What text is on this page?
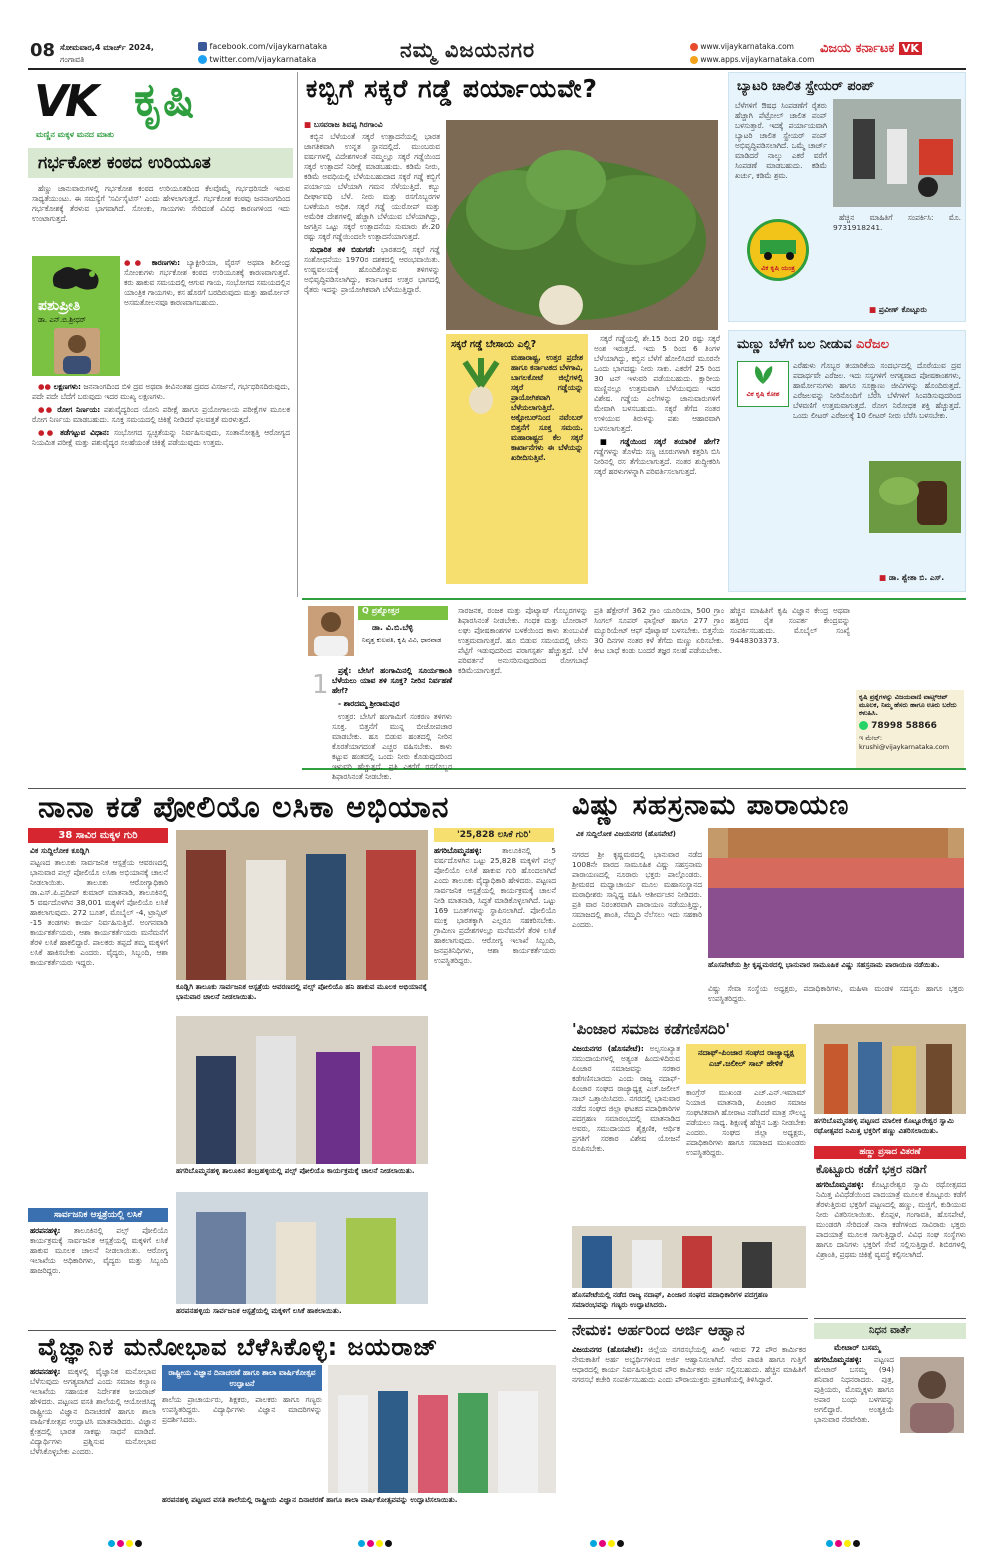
08 ಸೋಮವಾರ,4 ಮಾರ್ಚ್ 2024,
ಗಂಗಾವತಿ
facebook.com/vijaykarnataka
twitter.com/vijaykarnataka	ನಮ್ಮ ವಿಜಯನಗರ	www.vijaykarnataka.com
www.apps.vijaykarnataka.com
ವಿಜಯ ಕರ್ನಾಟಕ VK
VK ಕೃಷಿ
ಮಣ್ಣಿನ ಮಕ್ಕಳ ಮನದ ಮಾತು
ಗರ್ಭಕೋಶ ಕಂಠದ ಉರಿಯೂತ

ಹೆಣ್ಣು ಜಾನುವಾರುಗಳಲ್ಲಿ ಗರ್ಭಕೋಶ ಕಂಠದ ಉರಿಯೂತದಿಂದ ಕೆಲವೊಮ್ಮೆ ಗರ್ಭಧರಿಸದೇ ಇರುವ ಸಾಧ್ಯತೆಯುಂಟು. ಈ ಸಮಸ್ಯೆಗೆ 'ಸರ್ವಿಸೈಟಿಸ್' ಎಂದು ಹೇಳಲಾಗುತ್ತದೆ. ಗರ್ಭಕೋಶ ಕಂಠವು ಜನನಾಂಗದಿಂದ ಗರ್ಭಕೋಶಕ್ಕೆ ತೆರಳುವ ಭಾಗವಾಗಿದೆ. ಸೋಂಕು, ಗಾಯಗಳು ಸೇರಿದಂತೆ ವಿವಿಧ ಕಾರಣಗಳಿಂದ ಇದು ಉಂಟಾಗುತ್ತದೆ.

ಪಶುಪ್ರೀತಿ
ಡಾ. ಎನ್.ಬಿ.ಶ್ರೀಧರ್
●● ಕಾರಣಗಳು: ಬ್ಯಾಕ್ಟೀರಿಯಾ, ವೈರಸ್ ಅಥವಾ ಶಿಲೀಂಧ್ರ ಸೋಂಕುಗಳು ಗರ್ಭಕೋಶ ಕಂಠದ ಉರಿಯೂತಕ್ಕೆ ಕಾರಣವಾಗುತ್ತವೆ. ಕರು ಹಾಕುವ ಸಮಯದಲ್ಲಿ ಆಗುವ ಗಾಯ, ಸಂಭೋಗದ ಸಮಯದಲ್ಲಿನ ಯಾಂತ್ರಿಕ ಗಾಯಗಳು, ಕಸ ಹೊರಗೆ ಬರದಿರುವುದು ಮತ್ತು ಹಾರ್ಮೋನ್ ಅಸಮತೋಲನವೂ ಕಾರಣವಾಗಬಹುದು.

●● ಲಕ್ಷಣಗಳು: ಜನನಾಂಗದಿಂದ ಬಿಳಿ ದ್ರವ ಅಥವಾ ಕೀವಿನಂತಹ ದ್ರವದ ವಿಸರ್ಜನೆ, ಗರ್ಭಧರಿಸದಿರುವುದು, ಪದೇ ಪದೇ ಬೆದೆಗೆ ಬರುವುದು ಇದರ ಮುಖ್ಯ ಲಕ್ಷಣಗಳು.

●● ರೋಗ ನಿರ್ಣಯ: ಪಶುವೈದ್ಯರಿಂದ ಯೋನಿ ಪರೀಕ್ಷೆ ಹಾಗೂ ಪ್ರಯೋಗಾಲಯ ಪರೀಕ್ಷೆಗಳ ಮೂಲಕ ರೋಗ ನಿರ್ಣಯ ಮಾಡಬಹುದು. ಸೂಕ್ತ ಸಮಯದಲ್ಲಿ ಚಿಕಿತ್ಸೆ ನೀಡಿದರೆ ಫಲವತ್ತತೆ ಮರಳುತ್ತದೆ.

●● ತಡೆಗಟ್ಟುವ ವಿಧಾನ: ಸಂಭೋಗದ ಸ್ವಚ್ಛತೆಯನ್ನು ನಿರ್ವಹಿಸುವುದು, ಸಂತಾನೋತ್ಪತ್ತಿ ಆರೋಗ್ಯದ ನಿಯಮಿತ ಪರೀಕ್ಷೆ ಮತ್ತು ಪಶುವೈದ್ಯರ ಸಲಹೆಯಂತೆ ಚಿಕಿತ್ಸೆ ಪಡೆಯುವುದು ಉತ್ತಮ.

ಕಬ್ಬಿಗೆ ಸಕ್ಕರೆ ಗಡ್ಡೆ ಪರ್ಯಾಯವೇ?
■ ಬಸವರಾಜ ಶಿವಪ್ಪ ಗಿರಗಾಂವಿ

ಕಬ್ಬಿನ ಬೆಳೆಯಂತೆ ಸಕ್ಕರೆ ಉತ್ಪಾದನೆಯಲ್ಲಿ ಭಾರತ ಜಾಗತಿಕವಾಗಿ ಉನ್ನತ ಸ್ಥಾನದಲ್ಲಿದೆ. ಮುಂಬರುವ ವರ್ಷಗಳಲ್ಲಿ ವಿದೇಶಗಳಂತೆ ನಮ್ಮಲ್ಲೂ ಸಕ್ಕರೆ ಗಡ್ಡೆಯಿಂದ ಸಕ್ಕರೆ ಉತ್ಪಾದನೆ ನಿರೀಕ್ಷೆ ಮಾಡಬಹುದು. ಕಡಿಮೆ ನೀರು, ಕಡಿಮೆ ಅವಧಿಯಲ್ಲಿ ಬೆಳೆಯಬಹುದಾದ ಸಕ್ಕರೆ ಗಡ್ಡೆ ಕಬ್ಬಿಗೆ ಪರ್ಯಾಯ ಬೆಳೆಯಾಗಿ ಗಮನ ಸೆಳೆಯುತ್ತಿದೆ. ಕಬ್ಬು ದೀರ್ಘಾವಧಿ ಬೆಳೆ. ನೀರು ಮತ್ತು ರಸಗೊಬ್ಬರಗಳ ಬಳಕೆಯೂ ಅಧಿಕ. ಸಕ್ಕರೆ ಗಡ್ಡೆ ಯುರೋಪ್ ಮತ್ತು ಅಮೆರಿಕ ದೇಶಗಳಲ್ಲಿ ಹೆಚ್ಚಾಗಿ ಬೆಳೆಯುವ ಬೆಳೆಯಾಗಿದ್ದು, ಜಗತ್ತಿನ ಒಟ್ಟು ಸಕ್ಕರೆ ಉತ್ಪಾದನೆಯ ಸುಮಾರು ಶೇ.20 ರಷ್ಟು ಸಕ್ಕರೆ ಗಡ್ಡೆಯಿಂದಲೇ ಉತ್ಪಾದನೆಯಾಗುತ್ತದೆ.

ಸುಧಾರಿತ ತಳಿ ಬಿಡುಗಡೆ: ಭಾರತದಲ್ಲಿ ಸಕ್ಕರೆ ಗಡ್ಡೆ ಸಂಶೋಧನೆಯು 1970ರ ದಶಕದಲ್ಲಿ ಆರಂಭವಾಯಿತು. ಉಷ್ಣವಲಯಕ್ಕೆ ಹೊಂದಿಕೊಳ್ಳುವ ತಳಿಗಳನ್ನು ಅಭಿವೃದ್ಧಿಪಡಿಸಲಾಗಿದ್ದು, ಕರ್ನಾಟಕದ ಉತ್ತರ ಭಾಗದಲ್ಲಿ ರೈತರು ಇದನ್ನು ಪ್ರಾಯೋಗಿಕವಾಗಿ ಬೆಳೆಯುತ್ತಿದ್ದಾರೆ.

ಸಕ್ಕರೆ ಗಡ್ಡೆ ಬೇಸಾಯ ಎಲ್ಲಿ?
ಮಹಾರಾಷ್ಟ್ರ, ಉತ್ತರ ಪ್ರದೇಶ ಹಾಗೂ ಕರ್ನಾಟಕದ ಬೆಳಗಾವಿ, ಬಾಗಲಕೋಟೆ ಜಿಲ್ಲೆಗಳಲ್ಲಿ ಸಕ್ಕರೆ ಗಡ್ಡೆಯನ್ನು ಪ್ರಾಯೋಗಿಕವಾಗಿ ಬೆಳೆಯಲಾಗುತ್ತಿದೆ. ಅಕ್ಟೋಬರ್‌ನಿಂದ ನವೆಂಬರ್ ಬಿತ್ತನೆಗೆ ಸೂಕ್ತ ಸಮಯ. ಮಹಾರಾಷ್ಟ್ರದ ಕೆಲ ಸಕ್ಕರೆ ಕಾರ್ಖಾನೆಗಳು ಈ ಬೆಳೆಯನ್ನು ಖರೀದಿಸುತ್ತಿವೆ.

ಸಕ್ಕರೆ ಗಡ್ಡೆಯಲ್ಲಿ ಶೇ.15 ರಿಂದ 20 ರಷ್ಟು ಸಕ್ಕರೆ ಅಂಶ ಇರುತ್ತದೆ. ಇದು 5 ರಿಂದ 6 ತಿಂಗಳ ಬೆಳೆಯಾಗಿದ್ದು, ಕಬ್ಬಿನ ಬೆಳೆಗೆ ಹೋಲಿಸಿದರೆ ಮೂರನೇ ಒಂದು ಭಾಗದಷ್ಟು ನೀರು ಸಾಕು. ಎಕರೆಗೆ 25 ರಿಂದ 30 ಟನ್ ಇಳುವರಿ ಪಡೆಯಬಹುದು. ಕ್ಷಾರೀಯ ಮಣ್ಣಿನಲ್ಲೂ ಉತ್ತಮವಾಗಿ ಬೆಳೆಯುವುದು ಇದರ ವಿಶೇಷ. ಗಡ್ಡೆಯ ಎಲೆಗಳನ್ನು ಜಾನುವಾರುಗಳಿಗೆ ಮೇವಾಗಿ ಬಳಸಬಹುದು. ಸಕ್ಕರೆ ತೆಗೆದ ನಂತರ ಉಳಿಯುವ ತಿರುಳನ್ನು ಪಶು ಆಹಾರವಾಗಿ ಬಳಸಲಾಗುತ್ತದೆ.

■ ಗಡ್ಡೆಯಿಂದ ಸಕ್ಕರೆ ತಯಾರಿಕೆ ಹೇಗೆ? ಗಡ್ಡೆಗಳನ್ನು ತೊಳೆದು ಸಣ್ಣ ಚೂರುಗಳಾಗಿ ಕತ್ತರಿಸಿ ಬಿಸಿ ನೀರಿನಲ್ಲಿ ರಸ ತೆಗೆಯಲಾಗುತ್ತದೆ. ನಂತರ ಶುದ್ಧೀಕರಿಸಿ ಸಕ್ಕರೆ ಹರಳುಗಳನ್ನಾಗಿ ಪರಿವರ್ತಿಸಲಾಗುತ್ತದೆ.

ಬ್ಯಾಟರಿ ಚಾಲಿತ ಸ್ಪ್ರೇಯರ್ ಪಂಪ್
ಬೆಳೆಗಳಿಗೆ ಔಷಧ ಸಿಂಪಡಣೆಗೆ ರೈತರು ಹೆಚ್ಚಾಗಿ ಪೆಟ್ರೋಲ್ ಚಾಲಿತ ಪಂಪ್ ಬಳಸುತ್ತಾರೆ. ಇದಕ್ಕೆ ಪರ್ಯಾಯವಾಗಿ ಬ್ಯಾಟರಿ ಚಾಲಿತ ಸ್ಪ್ರೇಯರ್ ಪಂಪ್ ಅಭಿವೃದ್ಧಿಪಡಿಸಲಾಗಿದೆ. ಒಮ್ಮೆ ಚಾರ್ಜ್ ಮಾಡಿದರೆ ನಾಲ್ಕು ಎಕರೆ ವರೆಗೆ ಸಿಂಪಡಣೆ ಮಾಡಬಹುದು. ಕಡಿಮೆ ಖರ್ಚು, ಕಡಿಮೆ ಶ್ರಮ.
ವಿಕ ಕೃಷಿ ಯಂತ್ರ

ಹೆಚ್ಚಿನ ಮಾಹಿತಿಗೆ ಸಂಪರ್ಕಿಸಿ: ಮೊ. 9731918241.

■ ಪ್ರವೀಣ್ ಕೊಟ್ಟೂರು
ಮಣ್ಣು ಬೆಳೆಗೆ ಬಲ ನೀಡುವ ಎರೆಜಲ
ವಿಕ ಕೃಷಿ ಕೋಶ
ಎರೆಹುಳು ಗೊಬ್ಬರ ತಯಾರಿಕೆಯ ಸಂದರ್ಭದಲ್ಲಿ ದೊರೆಯುವ ದ್ರವ ಪದಾರ್ಥವೇ ಎರೆಜಲ. ಇದು ಸಸ್ಯಗಳಿಗೆ ಅಗತ್ಯವಾದ ಪೋಷಕಾಂಶಗಳು, ಹಾರ್ಮೋನುಗಳು ಹಾಗೂ ಸೂಕ್ಷ್ಮಾಣು ಜೀವಿಗಳನ್ನು ಹೊಂದಿರುತ್ತದೆ. ಎರೆಜಲವನ್ನು ನೀರಿನೊಂದಿಗೆ ಬೆರೆಸಿ ಬೆಳೆಗಳಿಗೆ ಸಿಂಪಡಿಸುವುದರಿಂದ ಬೆಳವಣಿಗೆ ಉತ್ತಮವಾಗುತ್ತದೆ. ರೋಗ ನಿರೋಧಕ ಶಕ್ತಿ ಹೆಚ್ಚುತ್ತದೆ. ಒಂದು ಲೀಟರ್ ಎರೆಜಲಕ್ಕೆ 10 ಲೀಟರ್ ನೀರು ಬೆರೆಸಿ ಬಳಸಬೇಕು.
■ ಡಾ. ಶ್ವೇತಾ ಬಿ. ಎಸ್.
Q ಪ್ರಶ್ನೋತ್ತರ
ಡಾ. ವಿ.ಬಿ.ಬೆಳ್ಳಿ
ನಿವೃತ್ತ ಕುಲಪತಿ, ಕೃಷಿ ವಿವಿ, ಧಾರವಾಡ
1	ಪ್ರಶ್ನೆ: ಬೇಸಿಗೆ ಹಂಗಾಮಿನಲ್ಲಿ ಸೂರ್ಯಕಾಂತಿ ಬೆಳೆಯಲು ಯಾವ ತಳಿ ಸೂಕ್ತ? ನೀರಿನ ನಿರ್ವಹಣೆ ಹೇಗೆ?

- ಶಾರದಮ್ಮ ಶ್ರೀರಾಮಪುರ

ಉತ್ತರ: ಬೇಸಿಗೆ ಹಂಗಾಮಿಗೆ ಸಂಕರಣ ತಳಿಗಳು ಸೂಕ್ತ. ಬಿತ್ತನೆಗೆ ಮುನ್ನ ಬೀಜೋಪಚಾರ ಮಾಡಬೇಕು. ಹೂ ಬಿಡುವ ಹಂತದಲ್ಲಿ ನೀರಿನ ಕೊರತೆಯಾಗದಂತೆ ಎಚ್ಚರ ವಹಿಸಬೇಕು. ಕಾಳು ಕಟ್ಟುವ ಹಂತದಲ್ಲಿ ಒಂದು ನೀರು ಕೊಡುವುದರಿಂದ ಇಳುವರಿ ಹೆಚ್ಚುತ್ತದೆ. ಪ್ರತಿ ಎಕರೆಗೆ ರಸಗೊಬ್ಬರ ಶಿಫಾರಸಿನಂತೆ ನೀಡಬೇಕು.

ಸಾರಜನಕ, ರಂಜಕ ಮತ್ತು ಪೊಟ್ಯಾಷ್ ಗೊಬ್ಬರಗಳನ್ನು ಶಿಫಾರಸಿನಂತೆ ನೀಡಬೇಕು. ಗಂಧಕ ಮತ್ತು ಬೋರಾನ್ ಲಘು ಪೋಷಕಾಂಶಗಳ ಬಳಕೆಯಿಂದ ಕಾಳು ತುಂಬುವಿಕೆ ಉತ್ತಮವಾಗುತ್ತದೆ. ಹೂ ಬಿಡುವ ಸಮಯದಲ್ಲಿ ಜೇನು ಪೆಟ್ಟಿಗೆ ಇಡುವುದರಿಂದ ಪರಾಗಸ್ಪರ್ಶ ಹೆಚ್ಚುತ್ತದೆ. ಬೆಳೆ ಪರಿವರ್ತನೆ ಅನುಸರಿಸುವುದರಿಂದ ರೋಗಬಾಧೆ ಕಡಿಮೆಯಾಗುತ್ತದೆ.
ಪ್ರತಿ ಹೆಕ್ಟೇರ್‌ಗೆ 362 ಗ್ರಾಂ ಯೂರಿಯಾ, 500 ಗ್ರಾಂ ಸಿಂಗಲ್ ಸೂಪರ್ ಫಾಸ್ಪೇಟ್ ಹಾಗೂ 277 ಗ್ರಾಂ ಮ್ಯೂರಿಯೇಟ್ ಆಫ್ ಪೊಟ್ಯಾಷ್ ಬಳಸಬೇಕು. ಬಿತ್ತನೆಯ 30 ದಿನಗಳ ನಂತರ ಕಳೆ ತೆಗೆದು ಮಣ್ಣು ಏರಿಸಬೇಕು. ಕೀಟ ಬಾಧೆ ಕಂಡು ಬಂದರೆ ತಜ್ಞರ ಸಲಹೆ ಪಡೆಯಬೇಕು.
ಹೆಚ್ಚಿನ ಮಾಹಿತಿಗೆ ಕೃಷಿ ವಿಜ್ಞಾನ ಕೇಂದ್ರ ಅಥವಾ ಹತ್ತಿರದ ರೈತ ಸಂಪರ್ಕ ಕೇಂದ್ರವನ್ನು ಸಂಪರ್ಕಿಸಬಹುದು. ಮೊಬೈಲ್ ಸಂಖ್ಯೆ 9448303373.
ಕೃಷಿ ಪ್ರಶ್ನೆಗಳನ್ನು ವಿಜಯವಾಣಿ ವಾಟ್ಸ್‌ಆಪ್ ಮೂಲಕ, ನಿಮ್ಮ ಹೆಸರು ಹಾಗೂ ಊರು ಬರೆದು ಕಳುಹಿಸಿ.
78998 58866
ಇ ಮೇಲ್: krushi@vijaykarnataka.com
ನಾನಾ ಕಡೆ ಪೋಲಿಯೊ ಲಸಿಕಾ ಅಭಿಯಾನ
38 ಸಾವಿರ ಮಕ್ಕಳ ಗುರಿ
ವಿಕ ಸುದ್ದಿಲೋಕ ಕೂಡ್ಲಿಗಿ
ಪಟ್ಟಣದ ತಾಲೂಕು ಸಾರ್ವಜನಿಕ ಆಸ್ಪತ್ರೆಯ ಆವರಣದಲ್ಲಿ ಭಾನುವಾರ ಪಲ್ಸ್ ಪೋಲಿಯೊ ಲಸಿಕಾ ಅಭಿಯಾನಕ್ಕೆ ಚಾಲನೆ ನೀಡಲಾಯಿತು. ತಾಲೂಕು ಆರೋಗ್ಯಾಧಿಕಾರಿ ಡಾ.ಎಸ್.ಪಿ.ಪ್ರದೀಪ್ ಕುಮಾರ್ ಮಾತನಾಡಿ, ತಾಲೂಕಿನಲ್ಲಿ 5 ವರ್ಷದೊಳಗಿನ 38,001 ಮಕ್ಕಳಿಗೆ ಪೋಲಿಯೊ ಲಸಿಕೆ ಹಾಕಲಾಗುವುದು. 272 ಬೂತ್, ಮೊಬೈಲ್ -4, ಟ್ರಾನ್ಸಿಟ್ -15 ತಂಡಗಳು ಕಾರ್ಯ ನಿರ್ವಹಿಸುತ್ತಿವೆ. ಅಂಗನವಾಡಿ ಕಾರ್ಯಕರ್ತೆಯರು, ಆಶಾ ಕಾರ್ಯಕರ್ತೆಯರು ಮನೆಮನೆಗೆ ತೆರಳಿ ಲಸಿಕೆ ಹಾಕಲಿದ್ದಾರೆ. ಪಾಲಕರು ತಪ್ಪದೆ ತಮ್ಮ ಮಕ್ಕಳಿಗೆ ಲಸಿಕೆ ಹಾಕಿಸಬೇಕು ಎಂದರು. ವೈದ್ಯರು, ಸಿಬ್ಬಂದಿ, ಆಶಾ ಕಾರ್ಯಕರ್ತೆಯರು ಇದ್ದರು.
ಸಾರ್ವಜನಿಕ ಆಸ್ಪತ್ರೆಯಲ್ಲಿ ಲಸಿಕೆ
ಹರಪನಹಳ್ಳಿ: ತಾಲೂಕಿನಲ್ಲಿ ಪಲ್ಸ್ ಪೋಲಿಯೊ ಕಾರ್ಯಕ್ರಮಕ್ಕೆ ಸಾರ್ವಜನಿಕ ಆಸ್ಪತ್ರೆಯಲ್ಲಿ ಮಕ್ಕಳಿಗೆ ಲಸಿಕೆ ಹಾಕುವ ಮೂಲಕ ಚಾಲನೆ ನೀಡಲಾಯಿತು. ಆರೋಗ್ಯ ಇಲಾಖೆಯ ಅಧಿಕಾರಿಗಳು, ವೈದ್ಯರು ಮತ್ತು ಸಿಬ್ಬಂದಿ ಹಾಜರಿದ್ದರು.
ಕೂಡ್ಲಿಗಿ ತಾಲೂಕು ಸಾರ್ವಜನಿಕ ಆಸ್ಪತ್ರೆಯ ಆವರಣದಲ್ಲಿ ಪಲ್ಸ್ ಪೋಲಿಯೊ ಹನಿ ಹಾಕುವ ಮೂಲಕ ಅಭಿಯಾನಕ್ಕೆ ಭಾನುವಾರ ಚಾಲನೆ ನೀಡಲಾಯಿತು.
ಹಗರಿಬೊಮ್ಮನಹಳ್ಳಿ ತಾಲೂಕಿನ ತಂಬ್ರಹಳ್ಳಿಯಲ್ಲಿ ಪಲ್ಸ್ ಪೋಲಿಯೊ ಕಾರ್ಯಕ್ರಮಕ್ಕೆ ಚಾಲನೆ ನೀಡಲಾಯಿತು.
ಹರಪನಹಳ್ಳಿಯ ಸಾರ್ವಜನಿಕ ಆಸ್ಪತ್ರೆಯಲ್ಲಿ ಮಕ್ಕಳಿಗೆ ಲಸಿಕೆ ಹಾಕಲಾಯಿತು.
'25,828 ಲಸಿಕೆ ಗುರಿ'
ಹಗರಿಬೊಮ್ಮನಹಳ್ಳಿ:	ತಾಲೂಕಿನಲ್ಲಿ 5 ವರ್ಷದೊಳಗಿನ ಒಟ್ಟು 25,828 ಮಕ್ಕಳಿಗೆ ಪಲ್ಸ್ ಪೋಲಿಯೊ ಲಸಿಕೆ ಹಾಕುವ ಗುರಿ ಹೊಂದಲಾಗಿದೆ ಎಂದು ತಾಲೂಕು ವೈದ್ಯಾಧಿಕಾರಿ ಹೇಳಿದರು. ಪಟ್ಟಣದ ಸಾರ್ವಜನಿಕ ಆಸ್ಪತ್ರೆಯಲ್ಲಿ ಕಾರ್ಯಕ್ರಮಕ್ಕೆ ಚಾಲನೆ ನೀಡಿ ಮಾತನಾಡಿ, ಸಿದ್ಧತೆ ಮಾಡಿಕೊಳ್ಳಲಾಗಿದೆ. ಒಟ್ಟು 169 ಬೂತ್‌ಗಳನ್ನು ಸ್ಥಾಪಿಸಲಾಗಿದೆ. ಪೋಲಿಯೊ ಮುಕ್ತ ಭಾರತಕ್ಕಾಗಿ ಎಲ್ಲರೂ ಸಹಕರಿಸಬೇಕು. ಗ್ರಾಮೀಣ ಪ್ರದೇಶಗಳಲ್ಲೂ ಮನೆಮನೆಗೆ ತೆರಳಿ ಲಸಿಕೆ ಹಾಕಲಾಗುವುದು. ಆರೋಗ್ಯ ಇಲಾಖೆ ಸಿಬ್ಬಂದಿ, ಜನಪ್ರತಿನಿಧಿಗಳು, ಆಶಾ ಕಾರ್ಯಕರ್ತೆಯರು ಉಪಸ್ಥಿತರಿದ್ದರು.
ವಿಷ್ಣು ಸಹಸ್ರನಾಮ ಪಾರಾಯಣ
ವಿಕ ಸುದ್ದಿಲೋಕ ವಿಜಯನಗರ (ಹೊಸಪೇಟೆ)
ನಗರದ ಶ್ರೀ ಕೃಷ್ಣಮಠದಲ್ಲಿ ಭಾನುವಾರ ನಡೆದ 1008ನೇ ವಾರದ ಸಾಮೂಹಿಕ ವಿಷ್ಣು ಸಹಸ್ರನಾಮ ಪಾರಾಯಣದಲ್ಲಿ ನೂರಾರು ಭಕ್ತರು ಪಾಲ್ಗೊಂಡರು. ಶ್ರೀಮಠದ ಮಧ್ವಾಚಾರ್ಯ ಮೂಲ ಮಹಾಸಂಸ್ಥಾನದ ಮಠಾಧೀಶರು ಸಾನ್ನಿಧ್ಯ ವಹಿಸಿ ಆಶೀರ್ವಚನ ನೀಡಿದರು. ಪ್ರತಿ ವಾರ ನಿರಂತರವಾಗಿ ಪಾರಾಯಣ ನಡೆಯುತ್ತಿದ್ದು, ಸಮಾಜದಲ್ಲಿ ಶಾಂತಿ, ನೆಮ್ಮದಿ ನೆಲೆಸಲು ಇದು ಸಹಕಾರಿ ಎಂದರು.
ಹೊಸಪೇಟೆಯ ಶ್ರೀ ಕೃಷ್ಣಮಠದಲ್ಲಿ ಭಾನುವಾರ ಸಾಮೂಹಿಕ ವಿಷ್ಣು ಸಹಸ್ರನಾಮ ಪಾರಾಯಣ ನಡೆಯಿತು.
ವಿಷ್ಣು ಸೇವಾ ಸಂಸ್ಥೆಯ ಅಧ್ಯಕ್ಷರು, ಪದಾಧಿಕಾರಿಗಳು, ಮಹಿಳಾ ಮಂಡಳಿ ಸದಸ್ಯರು ಹಾಗೂ ಭಕ್ತರು ಉಪಸ್ಥಿತರಿದ್ದರು.
'ಪಿಂಜಾರ ಸಮಾಜ ಕಡೆಗಣಿಸದಿರಿ'
ವಿಜಯನಗರ (ಹೊಸಪೇಟೆ): ಅಲ್ಪಸಂಖ್ಯಾತ ಸಮುದಾಯಗಳಲ್ಲಿ ಅತ್ಯಂತ ಹಿಂದುಳಿದಿರುವ ಪಿಂಜಾರ ಸಮಾಜವನ್ನು ಸರಕಾರ ಕಡೆಗಣಿಸಬಾರದು ಎಂದು ರಾಜ್ಯ ನದಾಫ್-ಪಿಂಜಾರ ಸಂಘದ ರಾಜ್ಯಾಧ್ಯಕ್ಷ ಎಚ್.ಜಲೀಲ್ ಸಾಬ್ ಒತ್ತಾಯಿಸಿದರು. ನಗರದಲ್ಲಿ ಭಾನುವಾರ ನಡೆದ ಸಂಘದ ಜಿಲ್ಲಾ ಘಟಕದ ಪದಾಧಿಕಾರಿಗಳ ಪದಗ್ರಹಣ ಸಮಾರಂಭದಲ್ಲಿ ಮಾತನಾಡಿದ ಅವರು, ಸಮುದಾಯದ ಶೈಕ್ಷಣಿಕ, ಆರ್ಥಿಕ ಪ್ರಗತಿಗೆ ಸರಕಾರ ವಿಶೇಷ ಯೋಜನೆ ರೂಪಿಸಬೇಕು.
ನದಾಫ್-ಪಿಂಜಾರ ಸಂಘದ ರಾಜ್ಯಾಧ್ಯಕ್ಷ ಎಚ್.ಜಲೀಲ್ ಸಾಬ್ ಹೇಳಿಕೆ
ಕಾಂಗ್ರೆಸ್ ಮುಖಂಡ ಎಚ್.ಎನ್.ಇಮಾಮ್ ನಿಯಾಜಿ ಮಾತನಾಡಿ, ಪಿಂಜಾರ ಸಮಾಜ ಸಂಘಟಿತವಾಗಿ ಹೋರಾಟ ನಡೆಸಿದರೆ ಮಾತ್ರ ಸೌಲಭ್ಯ ಪಡೆಯಲು ಸಾಧ್ಯ. ಶಿಕ್ಷಣಕ್ಕೆ ಹೆಚ್ಚಿನ ಒತ್ತು ನೀಡಬೇಕು ಎಂದರು. ಸಂಘದ ಜಿಲ್ಲಾ ಅಧ್ಯಕ್ಷರು, ಪದಾಧಿಕಾರಿಗಳು ಹಾಗೂ ಸಮಾಜದ ಮುಖಂಡರು ಉಪಸ್ಥಿತರಿದ್ದರು.
ಹೊಸಪೇಟೆಯಲ್ಲಿ ನಡೆದ ರಾಜ್ಯ ನದಾಫ್, ಪಿಂಜಾರ ಸಂಘದ ಪದಾಧಿಕಾರಿಗಳ ಪದಗ್ರಹಣ ಸಮಾರಂಭವನ್ನು ಗಣ್ಯರು ಉದ್ಘಾಟಿಸಿದರು.
ಹಗರಿಬೊಮ್ಮನಹಳ್ಳಿ ಪಟ್ಟಣದ ಮಾಲೀಕ ಕೊಟ್ಟೂರೇಶ್ವರ ಸ್ವಾಮಿ ರಥೋತ್ಸವದ ನಿಮಿತ್ತ ಭಕ್ತರಿಗೆ ಹಣ್ಣು ವಿತರಿಸಲಾಯಿತು.
ಹಣ್ಣು ಪ್ರಸಾದ ವಿತರಣೆ
ಕೊಟ್ಟೂರು ಕಡೆಗೆ ಭಕ್ತರ ನಡಿಗೆ
ಹಗರಿಬೊಮ್ಮನಹಳ್ಳಿ: ಕೊಟ್ಟೂರೇಶ್ವರ ಸ್ವಾಮಿ ರಥೋತ್ಸವದ ನಿಮಿತ್ತ ವಿವಿಧೆಡೆಯಿಂದ ಪಾದಯಾತ್ರೆ ಮೂಲಕ ಕೊಟ್ಟೂರು ಕಡೆಗೆ ತೆರಳುತ್ತಿರುವ ಭಕ್ತರಿಗೆ ಪಟ್ಟಣದಲ್ಲಿ ಹಣ್ಣು, ಮಜ್ಜಿಗೆ, ಕುಡಿಯುವ ನೀರು ವಿತರಿಸಲಾಯಿತು. ಕೊಪ್ಪಳ, ಗಂಗಾವತಿ, ಹೊಸಪೇಟೆ, ಮುಂಡರಗಿ ಸೇರಿದಂತೆ ನಾನಾ ಕಡೆಗಳಿಂದ ಸಾವಿರಾರು ಭಕ್ತರು ಪಾದಯಾತ್ರೆ ಮೂಲಕ ಸಾಗುತ್ತಿದ್ದಾರೆ. ವಿವಿಧ ಸಂಘ ಸಂಸ್ಥೆಗಳು ಹಾಗೂ ದಾನಿಗಳು ಭಕ್ತರಿಗೆ ಸೇವೆ ಸಲ್ಲಿಸುತ್ತಿದ್ದಾರೆ. ಶಿಬಿರಗಳಲ್ಲಿ ವಿಶ್ರಾಂತಿ, ಪ್ರಥಮ ಚಿಕಿತ್ಸೆ ವ್ಯವಸ್ಥೆ ಕಲ್ಪಿಸಲಾಗಿದೆ.
ವೈಜ್ಞಾನಿಕ ಮನೋಭಾವ ಬೆಳೆಸಿಕೊಳ್ಳಿ: ಜಯರಾಜ್
ಹರಪನಹಳ್ಳಿ: ಮಕ್ಕಳಲ್ಲಿ ವೈಜ್ಞಾನಿಕ ಮನೋಭಾವ ಬೆಳೆಸುವುದು ಅಗತ್ಯವಾಗಿದೆ ಎಂದು ಸಮಾಜ ಕಲ್ಯಾಣ ಇಲಾಖೆಯ ಸಹಾಯಕ ನಿರ್ದೇಶಕ ಜಯರಾಜ್ ಹೇಳಿದರು. ಪಟ್ಟಣದ ವಸತಿ ಶಾಲೆಯಲ್ಲಿ ಆಯೋಜಿಸಿದ್ದ ರಾಷ್ಟ್ರೀಯ ವಿಜ್ಞಾನ ದಿನಾಚರಣೆ ಹಾಗೂ ಶಾಲಾ ವಾರ್ಷಿಕೋತ್ಸವ ಉದ್ಘಾಟಿಸಿ ಮಾತನಾಡಿದರು. ವಿಜ್ಞಾನ ಕ್ಷೇತ್ರದಲ್ಲಿ ಭಾರತ ಸಾಕಷ್ಟು ಸಾಧನೆ ಮಾಡಿದೆ. ವಿದ್ಯಾರ್ಥಿಗಳು ಪ್ರಶ್ನಿಸುವ ಮನೋಭಾವ ಬೆಳೆಸಿಕೊಳ್ಳಬೇಕು ಎಂದರು.
ರಾಷ್ಟ್ರೀಯ ವಿಜ್ಞಾನ ದಿನಾಚರಣೆ ಹಾಗೂ ಶಾಲಾ ವಾರ್ಷಿಕೋತ್ಸವ ಉದ್ಘಾಟನೆ
ಶಾಲೆಯ ಪ್ರಾಚಾರ್ಯರು, ಶಿಕ್ಷಕರು, ಪಾಲಕರು ಹಾಗೂ ಗಣ್ಯರು ಉಪಸ್ಥಿತರಿದ್ದರು. ವಿದ್ಯಾರ್ಥಿಗಳು ವಿಜ್ಞಾನ ಮಾದರಿಗಳನ್ನು ಪ್ರದರ್ಶಿಸಿದರು.
ಹರಪನಹಳ್ಳಿ ಪಟ್ಟಣದ ವಸತಿ ಶಾಲೆಯಲ್ಲಿ ರಾಷ್ಟ್ರೀಯ ವಿಜ್ಞಾನ ದಿನಾಚರಣೆ ಹಾಗೂ ಶಾಲಾ ವಾರ್ಷಿಕೋತ್ಸವವನ್ನು ಉದ್ಘಾಟಿಸಲಾಯಿತು.
ನೇಮಕ: ಅರ್ಹರಿಂದ ಅರ್ಜಿ ಆಹ್ವಾನ
ವಿಜಯನಗರ (ಹೊಸಪೇಟೆ): ಜಿಲ್ಲೆಯ ನಗರಸಭೆಯಲ್ಲಿ ಖಾಲಿ ಇರುವ 72 ಪೌರ ಕಾರ್ಮಿಕರ ನೇಮಕಾತಿಗೆ ಅರ್ಹ ಅಭ್ಯರ್ಥಿಗಳಿಂದ ಅರ್ಜಿ ಆಹ್ವಾನಿಸಲಾಗಿದೆ. ನೇರ ಪಾವತಿ ಹಾಗೂ ಗುತ್ತಿಗೆ ಆಧಾರದಲ್ಲಿ ಕಾರ್ಯ ನಿರ್ವಹಿಸುತ್ತಿರುವ ಪೌರ ಕಾರ್ಮಿಕರು ಅರ್ಜಿ ಸಲ್ಲಿಸಬಹುದು. ಹೆಚ್ಚಿನ ಮಾಹಿತಿಗೆ ನಗರಸಭೆ ಕಚೇರಿ ಸಂಪರ್ಕಿಸಬಹುದು ಎಂದು ಪೌರಾಯುಕ್ತರು ಪ್ರಕಟಣೆಯಲ್ಲಿ ತಿಳಿಸಿದ್ದಾರೆ.
ನಿಧನ ವಾರ್ತೆ
ಮೇಟಾರ್ ಬಸಮ್ಮ
ಹಗರಿಬೊಮ್ಮನಹಳ್ಳಿ: ಪಟ್ಟಣದ ಮೇಟಾರ್ ಬಸಮ್ಮ (94) ಶನಿವಾರ ನಿಧನರಾದರು. ಪುತ್ರ, ಪುತ್ರಿಯರು, ಮೊಮ್ಮಕ್ಕಳು ಹಾಗೂ ಅಪಾರ ಬಂಧು ಬಳಗವನ್ನು ಅಗಲಿದ್ದಾರೆ. ಅಂತ್ಯಕ್ರಿಯೆ ಭಾನುವಾರ ನೆರವೇರಿತು.
